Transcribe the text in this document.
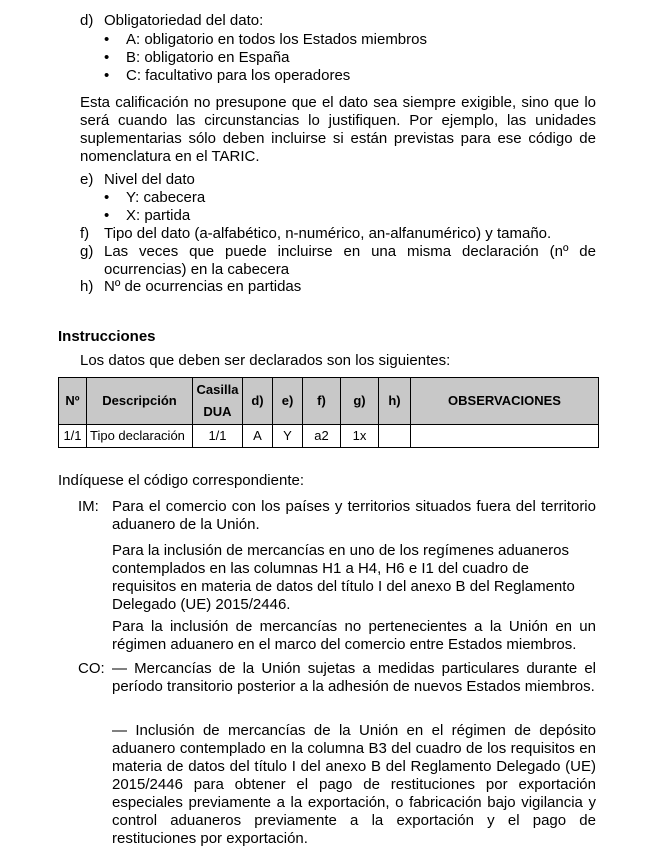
d) Obligatoriedad del dato:
• A: obligatorio en todos los Estados miembros
• B: obligatorio en España
• C: facultativo para los operadores
Esta calificación no presupone que el dato sea siempre exigible, sino que lo será cuando las circunstancias lo justifiquen. Por ejemplo, las unidades suplementarias sólo deben incluirse si están previstas para ese código de nomenclatura en el TARIC.
e) Nivel del dato
• Y: cabecera
• X: partida
f) Tipo del dato (a-alfabético, n-numérico, an-alfanumérico) y tamaño.
g) Las veces que puede incluirse en una misma declaración (nº de ocurrencias) en la cabecera
h) Nº de ocurrencias en partidas
Instrucciones
Los datos que deben ser declarados son los siguientes:
Nº	Descripción	Casilla DUA	d)	e)	f)	g)	h)	OBSERVACIONES
1/1	Tipo declaración	1/1	A	Y	a2	1x		
Indíquese el código correspondiente:
IM: Para el comercio con los países y territorios situados fuera del territorio aduanero de la Unión.
Para la inclusión de mercancías en uno de los regímenes aduaneros contemplados en las columnas H1 a H4, H6 e I1 del cuadro de requisitos en materia de datos del título I del anexo B del Reglamento Delegado (UE) 2015/2446.
Para la inclusión de mercancías no pertenecientes a la Unión en un régimen aduanero en el marco del comercio entre Estados miembros.
CO: — Mercancías de la Unión sujetas a medidas particulares durante el período transitorio posterior a la adhesión de nuevos Estados miembros.
— Inclusión de mercancías de la Unión en el régimen de depósito aduanero contemplado en la columna B3 del cuadro de los requisitos en materia de datos del título I del anexo B del Reglamento Delegado (UE) 2015/2446 para obtener el pago de restituciones por exportación especiales previamente a la exportación, o fabricación bajo vigilancia y control aduaneros previamente a la exportación y el pago de restituciones por exportación.
